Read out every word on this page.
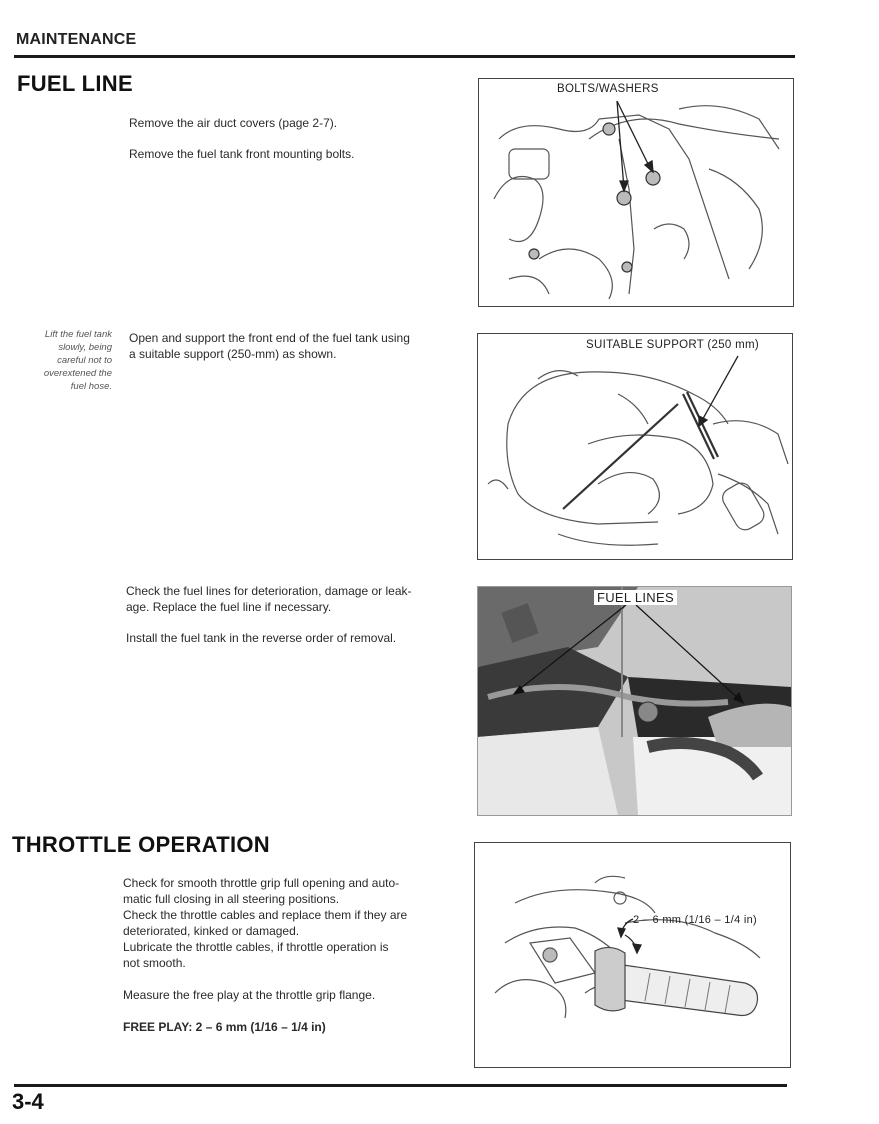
MAINTENANCE
FUEL LINE
Remove the air duct covers (page 2-7).
Remove the fuel tank front mounting bolts.
Lift the fuel tank
slowly, being
careful not to
overextened the
fuel hose.
Open and support the front end of the fuel tank using
a suitable support (250-mm) as shown.
Check the fuel lines for deterioration, damage or leak-
age. Replace the fuel line if necessary.
Install the fuel tank in the reverse order of removal.
BOLTS/WASHERS
SUITABLE SUPPORT (250 mm)
FUEL LINES
THROTTLE OPERATION
Check for smooth throttle grip full opening and auto-
matic full closing in all steering positions.
Check the throttle cables and replace them if they are
deteriorated, kinked or damaged.
Lubricate the throttle cables, if throttle operation is
not smooth.
Measure the free play at the throttle grip flange.
FREE PLAY: 2 – 6 mm (1/16 – 1/4 in)
2 – 6 mm (1/16 – 1/4 in)
3-4
